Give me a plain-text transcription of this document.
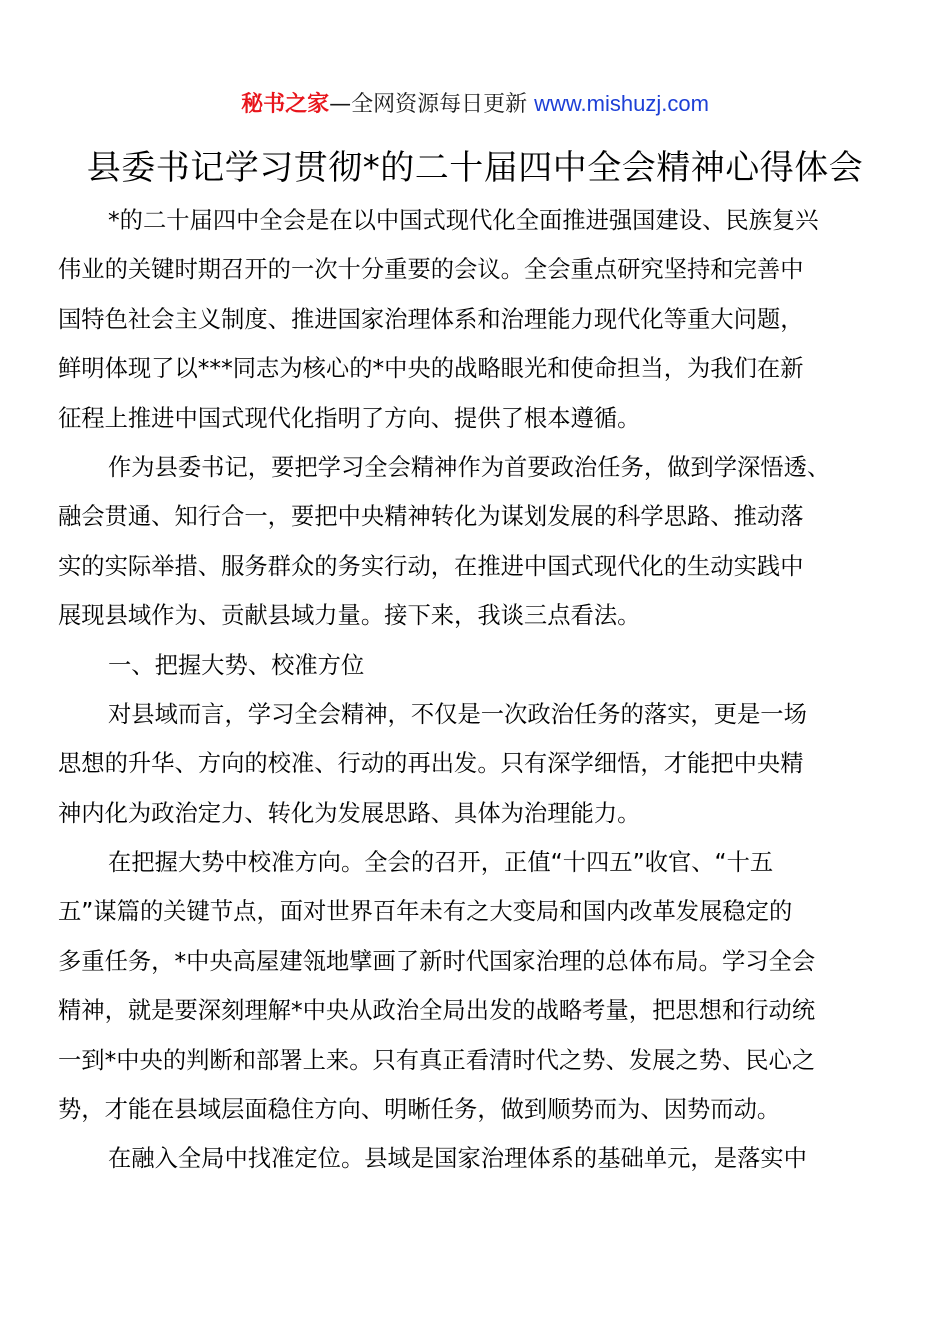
秘书之家—全网资源每日更新 www.mishuzj.com
县委书记学习贯彻*的二十届四中全会精神心得体会
*的二十届四中全会是在以中国式现代化全面推进强国建设、民族复兴
伟业的关键时期召开的一次十分重要的会议。全会重点研究坚持和完善中
国特色社会主义制度、推进国家治理体系和治理能力现代化等重大问题，
鲜明体现了以***同志为核心的*中央的战略眼光和使命担当，为我们在新
征程上推进中国式现代化指明了方向、提供了根本遵循。
作为县委书记，要把学习全会精神作为首要政治任务，做到学深悟透、
融会贯通、知行合一，要把中央精神转化为谋划发展的科学思路、推动落
实的实际举措、服务群众的务实行动，在推进中国式现代化的生动实践中
展现县域作为、贡献县域力量。接下来，我谈三点看法。
一、把握大势、校准方位
对县域而言，学习全会精神，不仅是一次政治任务的落实，更是一场
思想的升华、方向的校准、行动的再出发。只有深学细悟，才能把中央精
神内化为政治定力、转化为发展思路、具体为治理能力。
在把握大势中校准方向。全会的召开，正值“十四五”收官、“十五
五”谋篇的关键节点，面对世界百年未有之大变局和国内改革发展稳定的
多重任务，*中央高屋建瓴地擘画了新时代国家治理的总体布局。学习全会
精神，就是要深刻理解*中央从政治全局出发的战略考量，把思想和行动统
一到*中央的判断和部署上来。只有真正看清时代之势、发展之势、民心之
势，才能在县域层面稳住方向、明晰任务，做到顺势而为、因势而动。
在融入全局中找准定位。县域是国家治理体系的基础单元，是落实中
